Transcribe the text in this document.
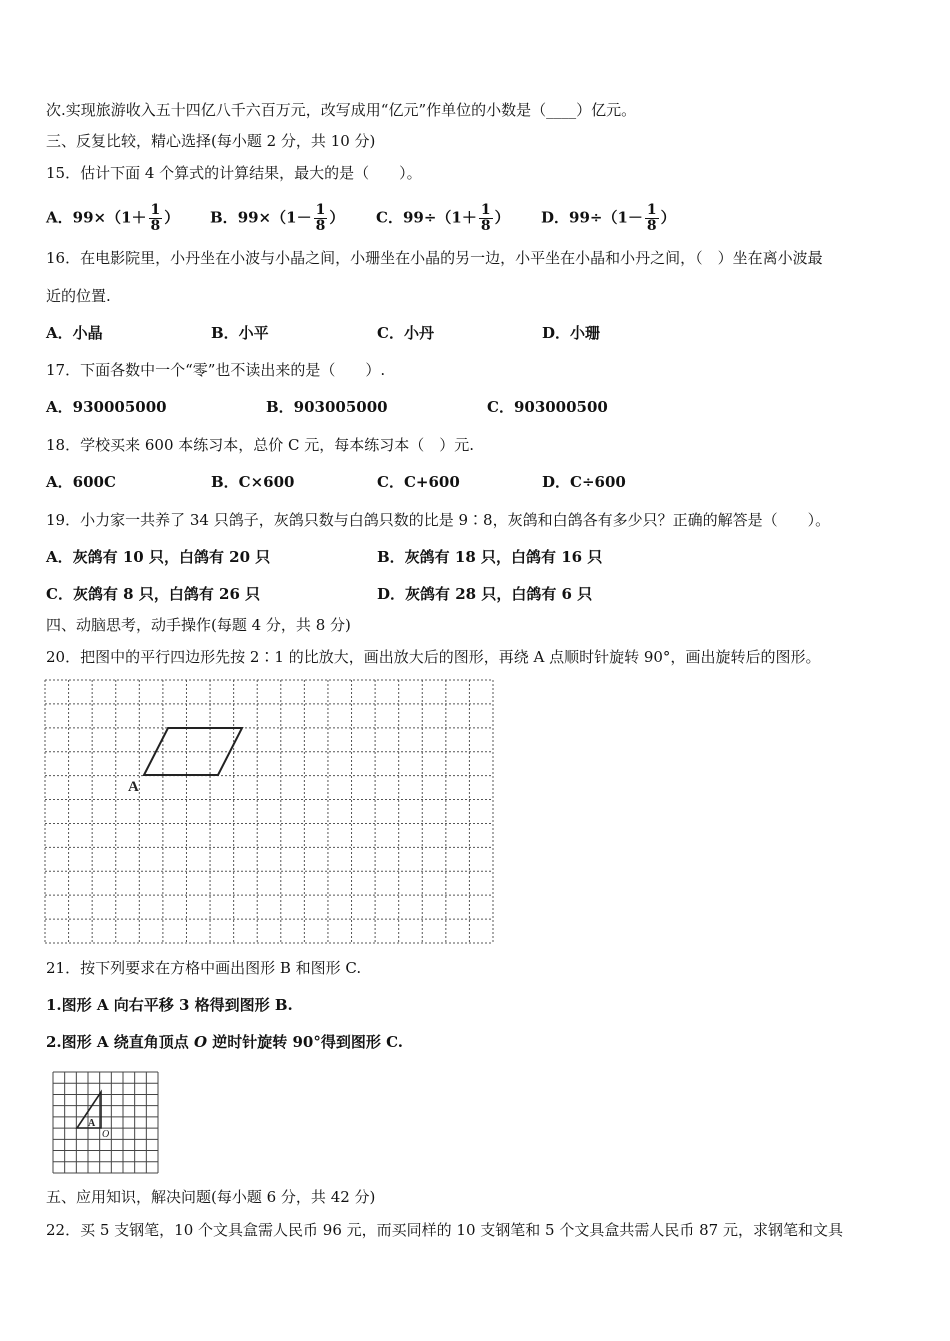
次.实现旅游收入五十四亿八千六百万元，改写成用“亿元”作单位的小数是（____）亿元。
三、反复比较，精心选择(每小题 2 分，共 10 分)
15．估计下面 4 个算式的计算结果，最大的是（　　）。
A．$99\times(1+ \frac{1}{8}$ ） B．$99\times(1- \frac{1}{8}$ ） C．$99\div(1+ \frac{1}{8}$ ） D．$99\div(1- \frac{1}{8}$ ）
16．在电影院里，小丹坐在小波与小晶之间，小珊坐在小晶的另一边，小平坐在小晶和小丹之间，（　）坐在离小波最
近的位置.
A．小晶	B．小平	C．小丹	D．小珊
17．下面各数中一个“零”也不读出来的是（　　）.
A．930005000	B．903005000	C．903000500
18．学校买来 600 本练习本，总价 C 元，每本练习本（　）元.
A．600C	B．C×600	C．C+600	D．C÷600
19．小力家一共养了 34 只鸽子，灰鸽只数与白鸽只数的比是 9∶8，灰鸽和白鸽各有多少只？正确的解答是（　　）。
A．灰鸽有 10 只，白鸽有 20 只	B．灰鸽有 18 只，白鸽有 16 只
C．灰鸽有 8 只，白鸽有 26 只	D．灰鸽有 28 只，白鸽有 6 只
四、动脑思考，动手操作(每题 4 分，共 8 分)
20．把图中的平行四边形先按 2∶1 的比放大，画出放大后的图形，再绕 A 点顺时针旋转 90°，画出旋转后的图形。
A
21．按下列要求在方格中画出图形 B 和图形 C.
1.图形 A 向右平移 3 格得到图形 B.
2.图形 A 绕直角顶点 O 逆时针旋转 90°得到图形 C.
A
O
五、应用知识，解决问题(每小题 6 分，共 42 分)
22．买 5 支钢笔，10 个文具盒需人民币 96 元，而买同样的 10 支钢笔和 5 个文具盒共需人民币 87 元，求钢笔和文具
